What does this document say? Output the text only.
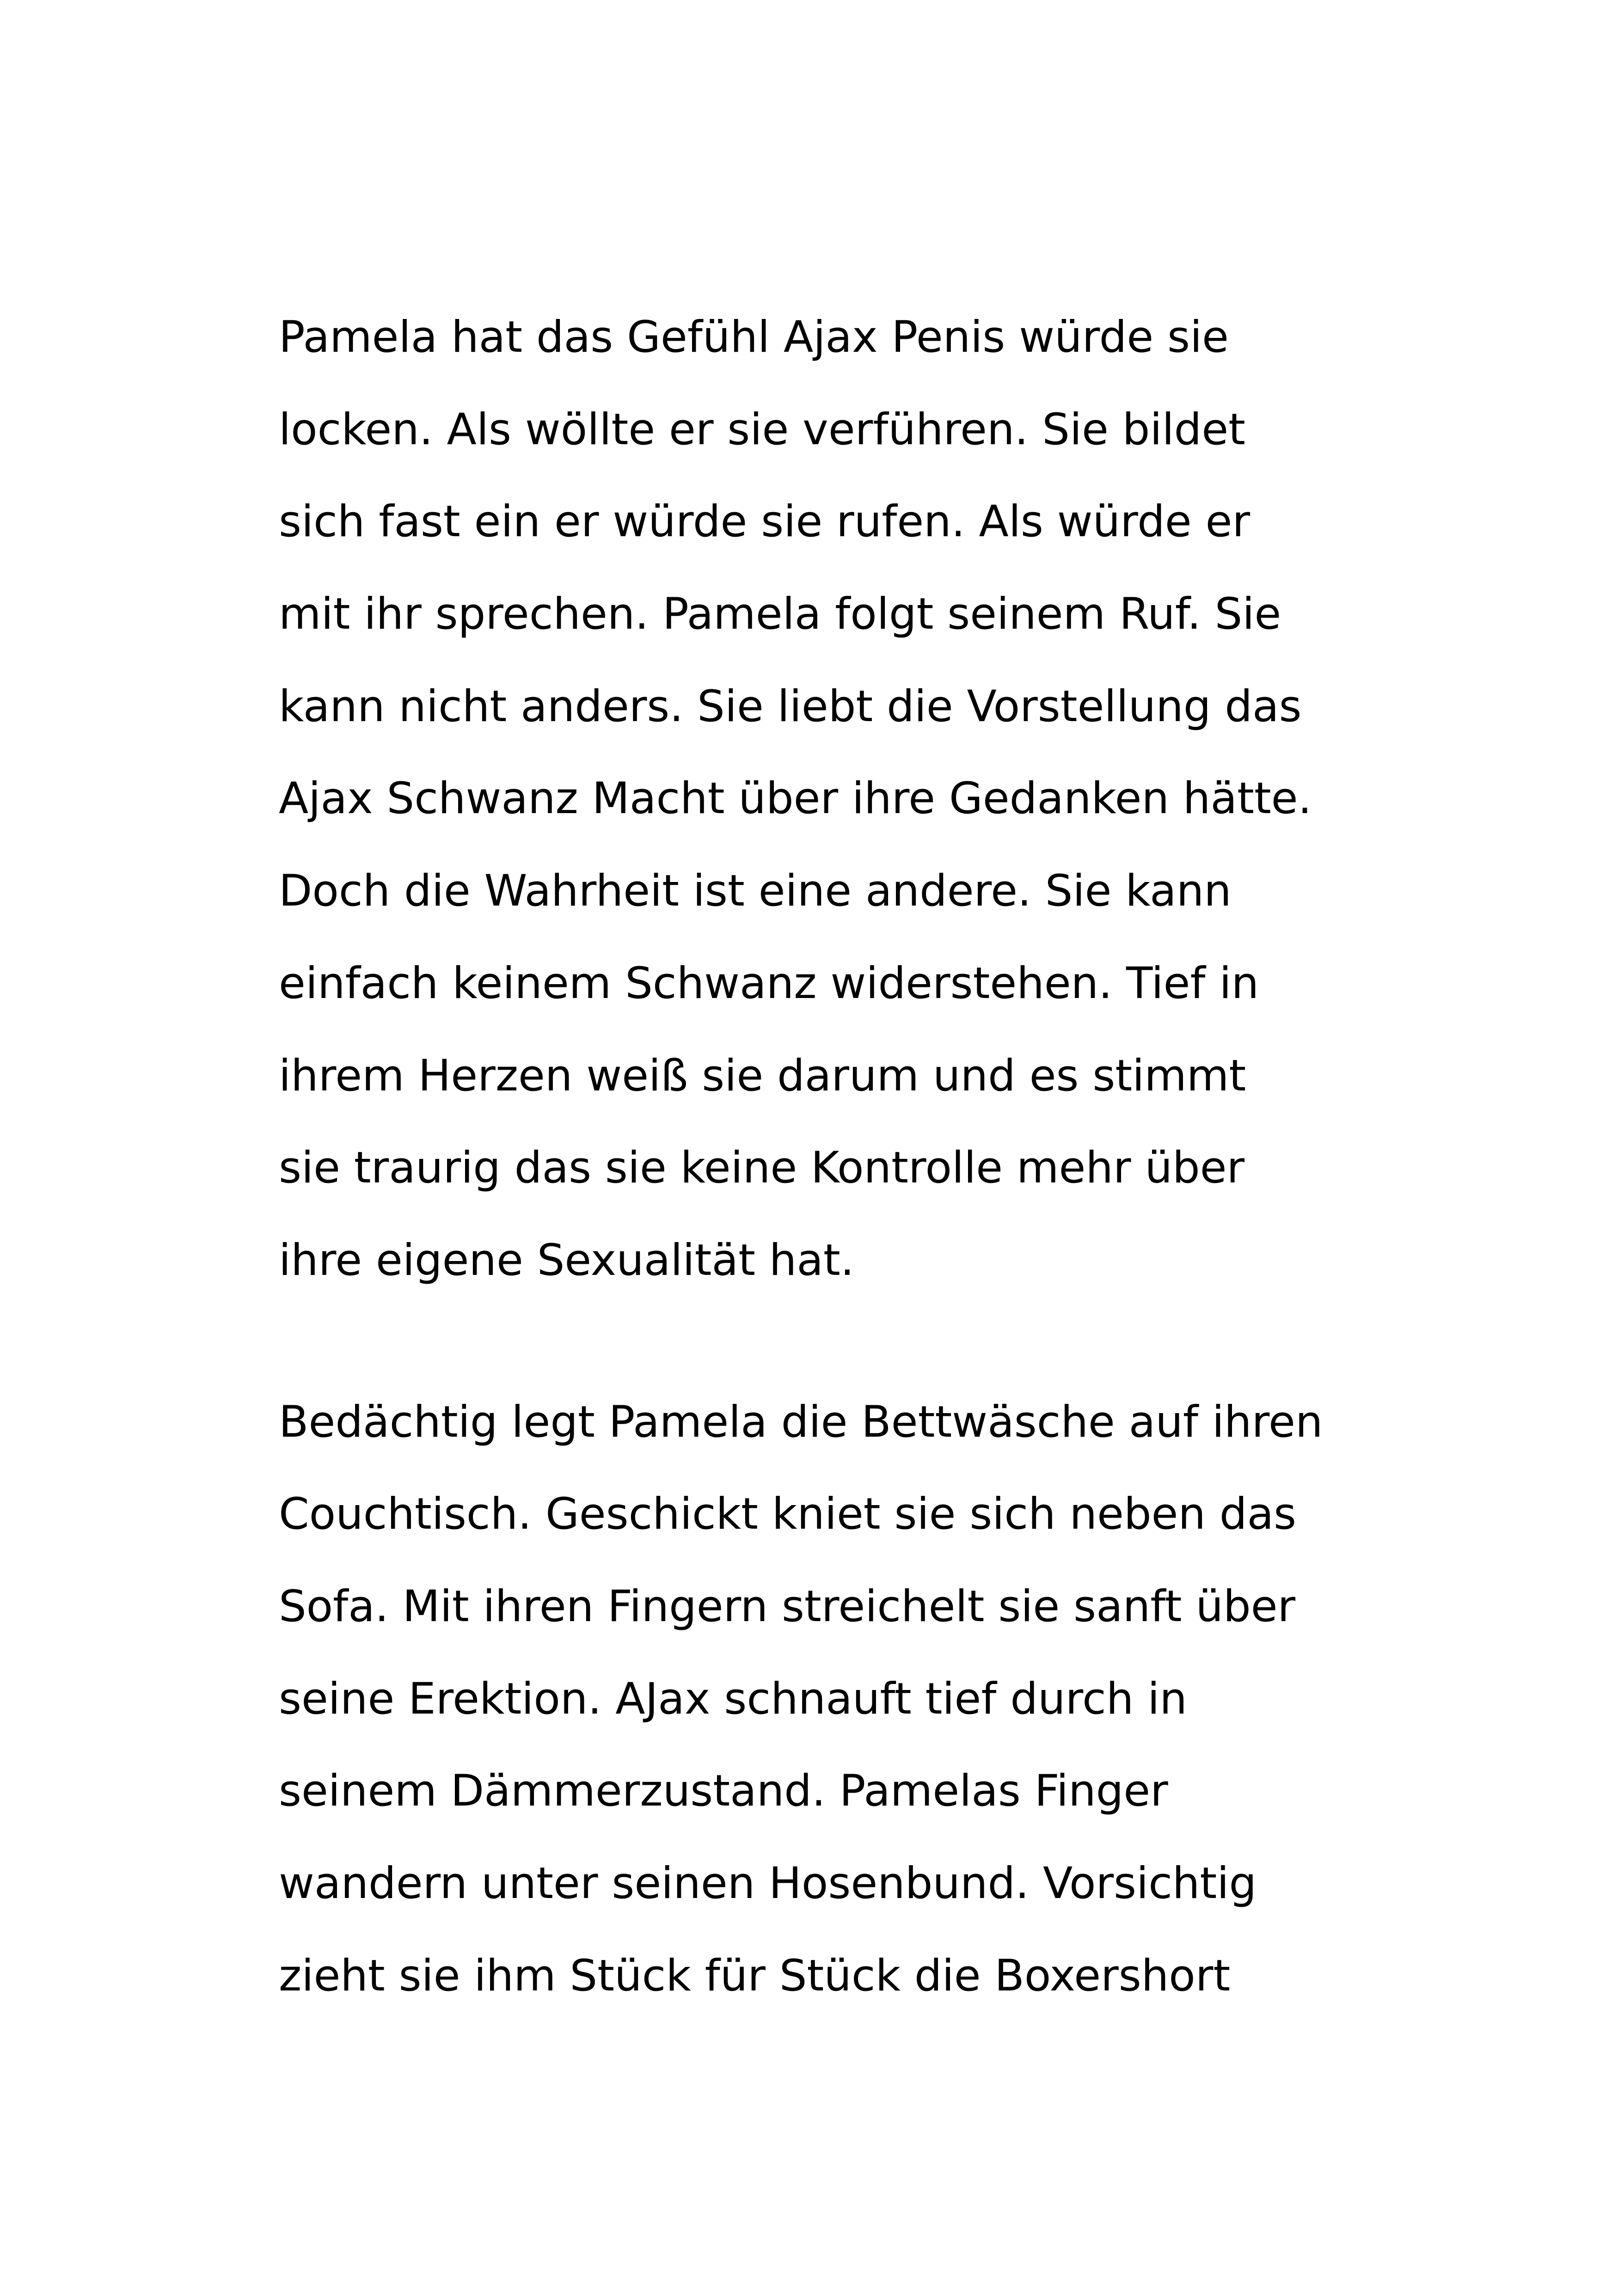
Pamela hat das Gefühl Ajax Penis würde sie
locken. Als wöllte er sie verführen. Sie bildet
sich fast ein er würde sie rufen. Als würde er
mit ihr sprechen. Pamela folgt seinem Ruf. Sie
kann nicht anders. Sie liebt die Vorstellung das
Ajax Schwanz Macht über ihre Gedanken hätte.
Doch die Wahrheit ist eine andere. Sie kann
einfach keinem Schwanz widerstehen. Tief in
ihrem Herzen weiß sie darum und es stimmt
sie traurig das sie keine Kontrolle mehr über
ihre eigene Sexualität hat.
Bedächtig legt Pamela die Bettwäsche auf ihren
Couchtisch. Geschickt kniet sie sich neben das
Sofa. Mit ihren Fingern streichelt sie sanft über
seine Erektion. AJax schnauft tief durch in
seinem Dämmerzustand. Pamelas Finger
wandern unter seinen Hosenbund. Vorsichtig
zieht sie ihm Stück für Stück die Boxershort
